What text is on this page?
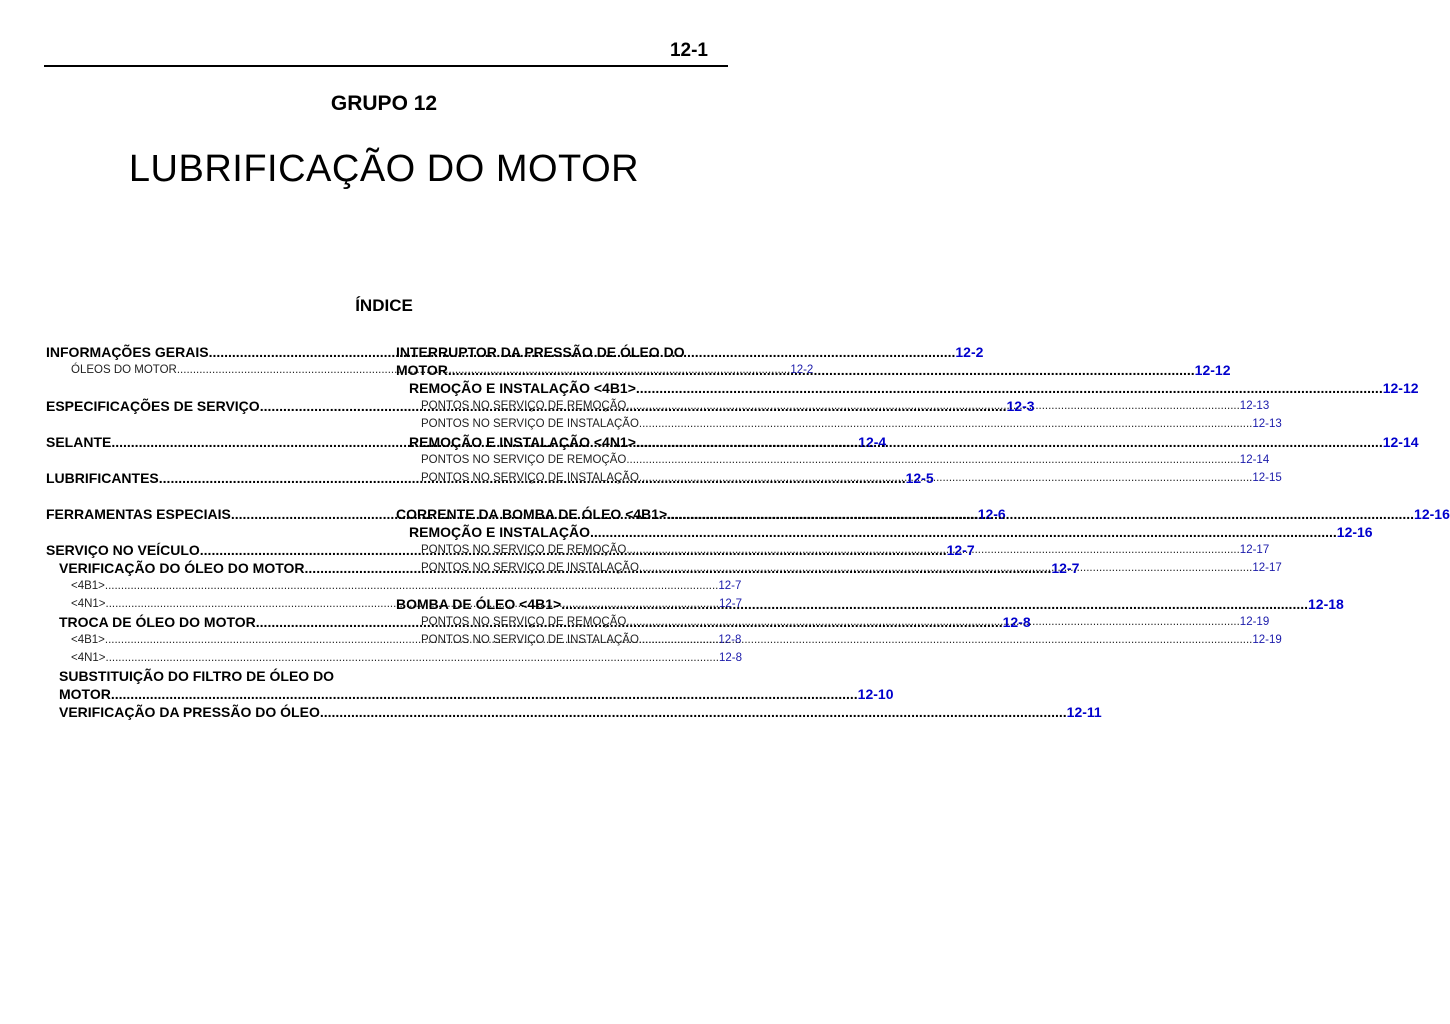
12-1
GRUPO 12
LUBRIFICAÇÃO DO MOTOR
ÍNDICE
INFORMAÇÕES GERAIS .....	12-2
ÓLEOS DO MOTOR .....	12-2
ESPECIFICAÇÕES DE SERVIÇO .....	12-3
SELANTE .....	12-4
LUBRIFICANTES .....	12-5
FERRAMENTAS ESPECIAIS .....	12-6
SERVIÇO NO VEÍCULO .....	12-7
VERIFICAÇÃO DO ÓLEO DO MOTOR .....	12-7
<4B1> .....	12-7
<4N1> .....	12-7
TROCA DE ÓLEO DO MOTOR .....	12-8
<4B1> .....	12-8
<4N1> .....	12-8
SUBSTITUIÇÃO DO FILTRO DE ÓLEO DO
MOTOR .....	12-10
VERIFICAÇÃO DA PRESSÃO DO ÓLEO .....	12-11
INTERRUPTOR DA PRESSÃO DE ÓLEO DO
MOTOR .....	12-12
REMOÇÃO E INSTALAÇÃO <4B1> .....	12-12
PONTOS NO SERVIÇO DE REMOÇÃO .....	12-13
PONTOS NO SERVIÇO DE INSTALAÇÃO .....	12-13
REMOÇÃO E INSTALAÇÃO <4N1> .....	12-14
PONTOS NO SERVIÇO DE REMOÇÃO .....	12-14
PONTOS NO SERVIÇO DE INSTALAÇÃO .....	12-15
CORRENTE DA BOMBA DE ÓLEO <4B1> .....	12-16
REMOÇÃO E INSTALAÇÃO .....	12-16
PONTOS NO SERVIÇO DE REMOÇÃO .....	12-17
PONTOS NO SERVIÇO DE INSTALAÇÃO .....	12-17
BOMBA DE ÓLEO <4B1> .....	12-18
PONTOS NO SERVIÇO DE REMOÇÃO .....	12-19
PONTOS NO SERVIÇO DE INSTALAÇÃO .....	12-19
